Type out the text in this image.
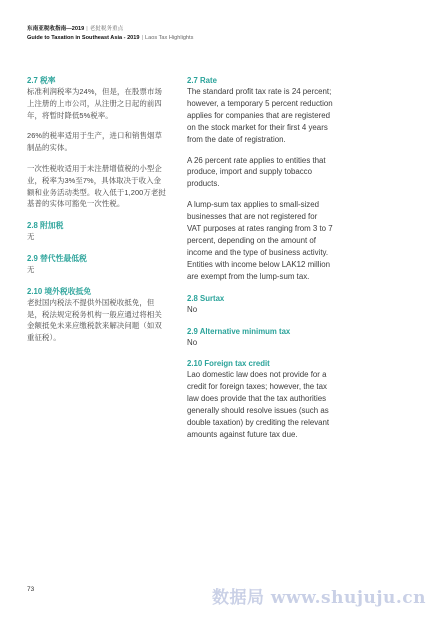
东南亚税收指南—2019 | 老挝税务重点
Guide to Taxation in Southeast Asia - 2019 | Laos Tax Highlights

2.7 税率

标准利润税率为24%，但是，在股票市场上注册的上市公司，从注册之日起的前四年，将暂时降低5%税率。

26%的税率适用于生产，进口和销售烟草制品的实体。

一次性税收适用于未注册增值税的小型企业，税率为3%至7%，具体取决于收入金额和业务活动类型。收入低于1,200万老挝基普的实体可豁免一次性税。

2.8 附加税

无

2.9 替代性最低税

无

2.10 境外税收抵免

老挝国内税法不提供外国税收抵免，但是，税法规定税务机构一般应通过将相关金额抵免未来应缴税款来解决问题（如双重征税）。

2.7 Rate

The standard profit tax rate is 24 percent; however, a temporary 5 percent reduction applies for companies that are registered on the stock market for their first 4 years from the date of registration.

A 26 percent rate applies to entities that produce, import and supply tobacco products.

A lump-sum tax applies to small-sized businesses that are not registered for VAT purposes at rates ranging from 3 to 7 percent, depending on the amount of income and the type of business activity. Entities with income below LAK12 million are exempt from the lump-sum tax.

2.8 Surtax

No

2.9 Alternative minimum tax

No

2.10 Foreign tax credit

Lao domestic law does not provide for a credit for foreign taxes; however, the tax law does provide that the tax authorities generally should resolve issues (such as double taxation) by crediting the relevant amounts against future tax due.

73	数据局 www.shujuju.cn
